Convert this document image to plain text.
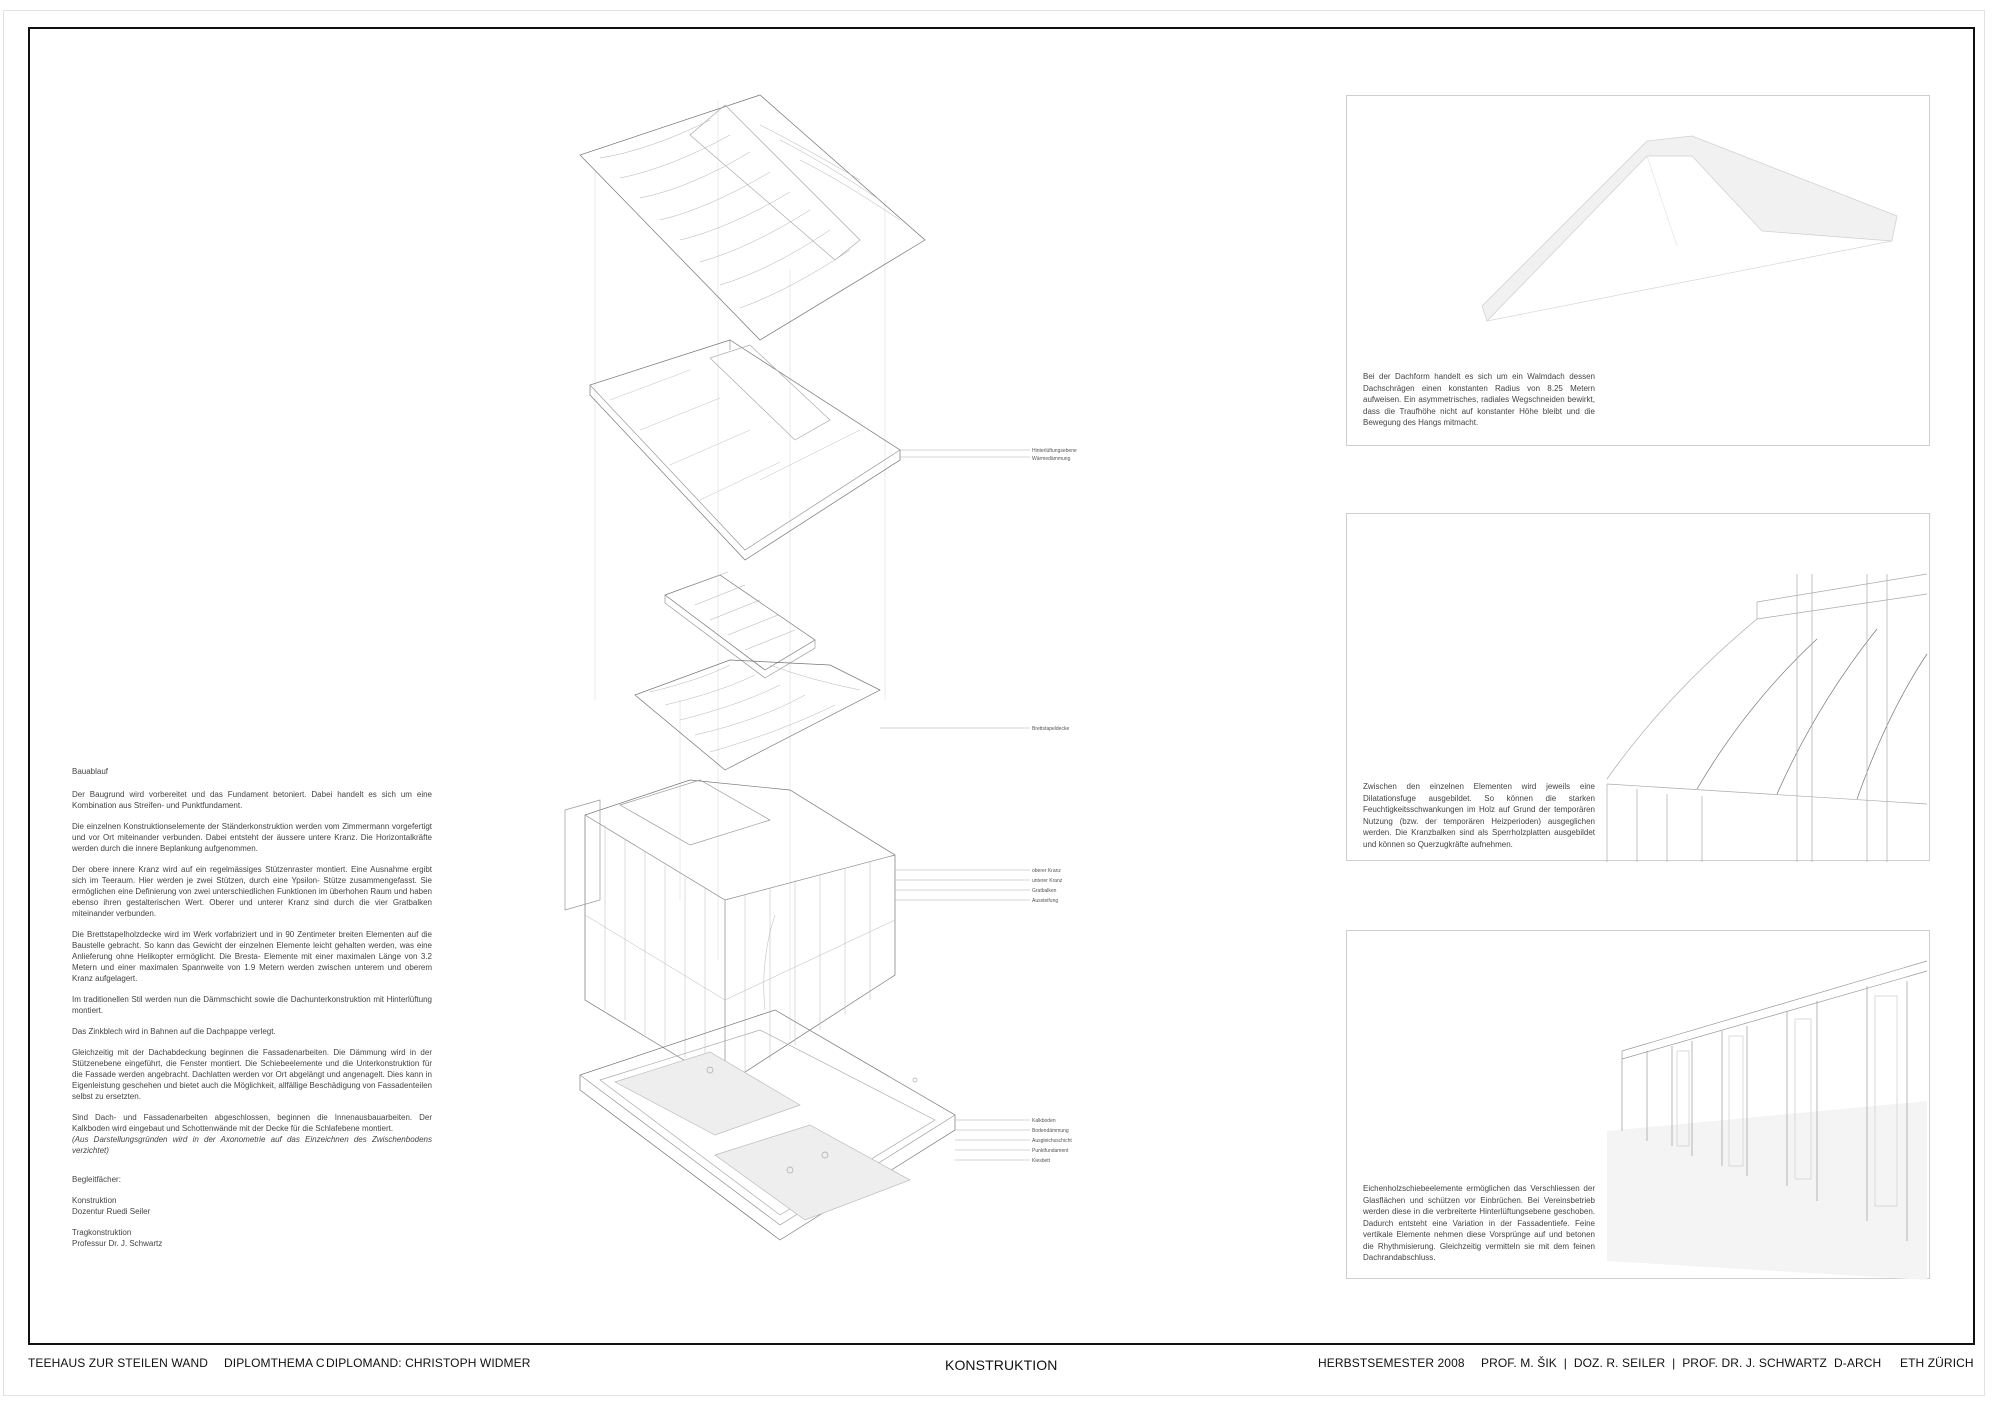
Bauablauf

Der Baugrund wird vorbereitet und das Fundament betoniert. Dabei handelt es sich um eine Kombination aus Streifen- und Punktfundament.

Die einzelnen Konstruktionselemente der Ständerkonstruktion werden vom Zimmermann vorgefertigt und vor Ort miteinander verbunden. Dabei entsteht der äussere untere Kranz. Die Horizontalkräfte werden durch die innere Beplankung aufgenommen.

Der obere innere Kranz wird auf ein regelmässiges Stützenraster montiert. Eine Ausnahme ergibt sich im Teeraum. Hier werden je zwei Stützen, durch eine Ypsilon- Stütze zusammengefasst. Sie ermöglichen eine Definierung von zwei unterschiedlichen Funktionen im überhohen Raum und haben ebenso ihren gestalterischen Wert. Oberer und unterer Kranz sind durch die vier Gratbalken miteinander verbunden.

Die Brettstapelholzdecke wird im Werk vorfabriziert und in 90 Zentimeter breiten Elementen auf die Baustelle gebracht. So kann das Gewicht der einzelnen Elemente leicht gehalten werden, was eine Anlieferung ohne Helikopter ermöglicht. Die Bresta- Elemente mit einer maximalen Länge von 3.2 Metern und einer maximalen Spannweite von 1.9 Metern werden zwischen unterem und oberem Kranz aufgelagert.

Im traditionellen Stil werden nun die Dämmschicht sowie die Dachunterkonstruktion mit Hinterlüftung montiert.

Das Zinkblech wird in Bahnen auf die Dachpappe verlegt.

Gleichzeitig mit der Dachabdeckung beginnen die Fassadenarbeiten. Die Dämmung wird in der Stützenebene eingeführt, die Fenster montiert. Die Schiebeelemente und die Unterkonstruktion für die Fassade werden angebracht. Dachlatten werden vor Ort abgelängt und angenagelt. Dies kann in Eigenleistung geschehen und bietet auch die Möglichkeit, allfällige Beschädigung von Fassadenteilen selbst zu ersetzten.

Sind Dach- und Fassadenarbeiten abgeschlossen, beginnen die Innenausbauarbeiten. Der Kalkboden wird eingebaut und Schottenwände mit der Decke für die Schlafebene montiert.

(Aus Darstellungsgründen wird in der Axonometrie auf das Einzeichnen des Zwischenbodens verzichtet)

Begleitfächer:
Konstruktion
Dozentur Ruedi Seiler
Tragkonstruktion
Professur Dr. J. Schwartz
Hinterlüftungsebene
Wärmedämmung
Brettstapeldecke
oberer Kranz
unterer Kranz
Gratbalken
Aussteifung
Kalkboden
Bodendämmung
Ausgleichsschicht
Punktfundament
Kiesbett
Bei der Dachform handelt es sich um ein Walmdach dessen Dachschrägen einen konstanten Radius von 8.25 Metern aufweisen. Ein asymmetrisches, radiales Wegschneiden bewirkt, dass die Traufhöhe nicht auf konstanter Höhe bleibt und die Bewegung des Hangs mitmacht.
Zwischen den einzelnen Elementen wird jeweils eine Dilatationsfuge ausgebildet. So können die starken Feuchtigkeitsschwankungen im Holz auf Grund der temporären Nutzung (bzw. der temporären Heizperioden) ausgeglichen werden. Die Kranzbalken sind als Sperrholzplatten ausgebildet und können so Querzugkräfte aufnehmen.
Eichenholzschiebeelemente ermöglichen das Verschliessen der Glasflächen und schützen vor Einbrüchen. Bei Vereinsbetrieb werden diese in die verbreiterte Hinterlüftungsebene geschoben. Dadurch entsteht eine Variation in der Fassadentiefe. Feine vertikale Elemente nehmen diese Vorsprünge auf und betonen die Rhythmisierung. Gleichzeitig vermitteln sie mit dem feinen Dachrandabschluss.
TEEHAUS ZUR STEILEN WAND DIPLOMTHEMA C DIPLOMAND: CHRISTOPH WIDMER	KONSTRUKTION	HERBSTSEMESTER 2008 PROF. M. ŠIK  |  DOZ. R. SEILER  |  PROF. DR. J. SCHWARTZ D-ARCH ETH ZÜRICH
